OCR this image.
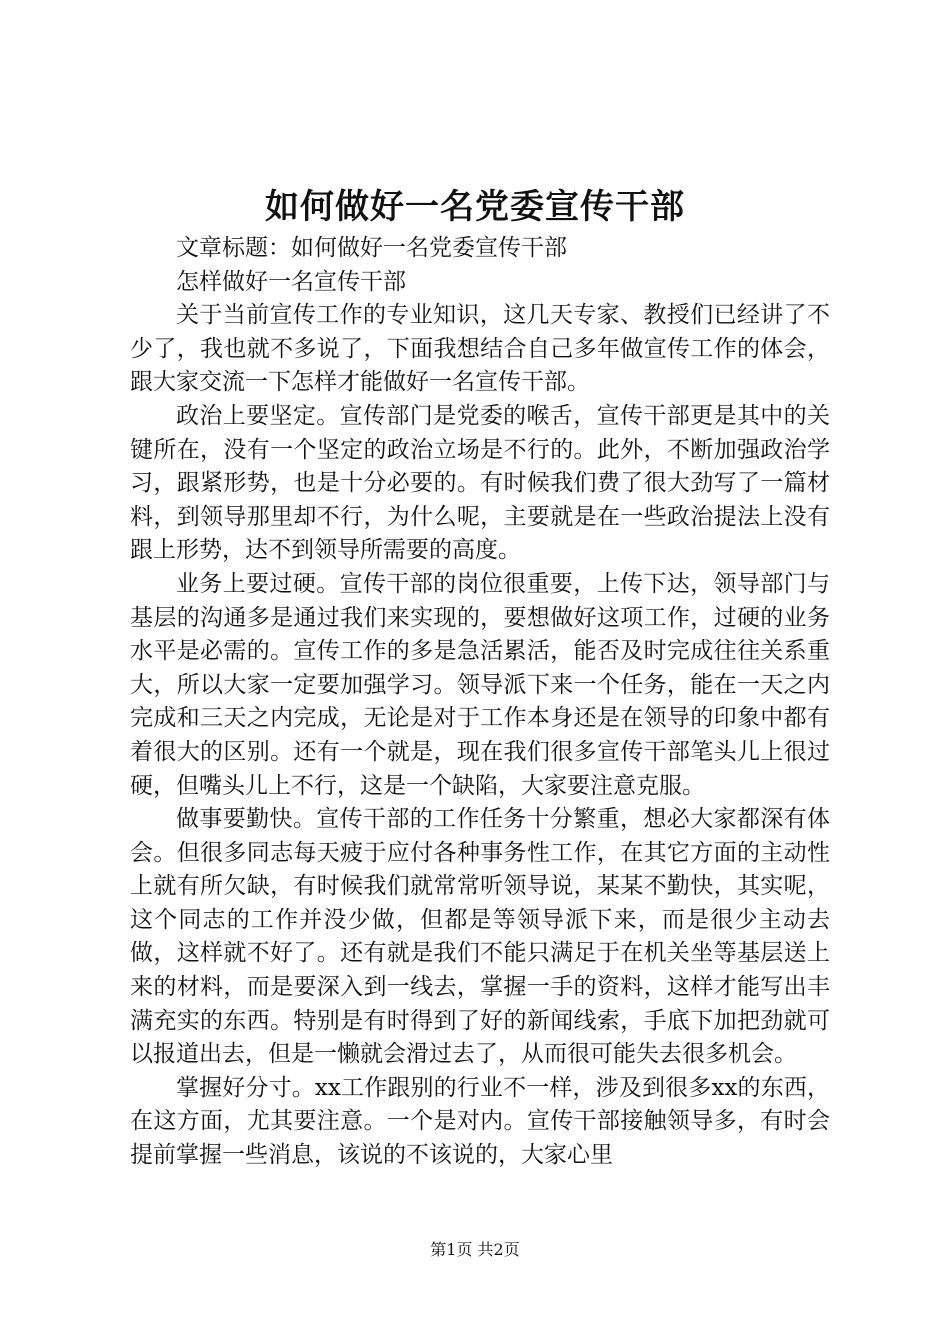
如何做好一名党委宣传干部

文章标题：如何做好一名党委宣传干部

怎样做好一名宣传干部

关于当前宣传工作的专业知识，这几天专家、教授们已经讲了不少了，我也就不多说了，下面我想结合自己多年做宣传工作的体会，跟大家交流一下怎样才能做好一名宣传干部。

政治上要坚定。宣传部门是党委的喉舌，宣传干部更是其中的关键所在，没有一个坚定的政治立场是不行的。此外，不断加强政治学习，跟紧形势，也是十分必要的。有时候我们费了很大劲写了一篇材料，到领导那里却不行，为什么呢，主要就是在一些政治提法上没有跟上形势，达不到领导所需要的高度。

业务上要过硬。宣传干部的岗位很重要，上传下达，领导部门与基层的沟通多是通过我们来实现的，要想做好这项工作，过硬的业务水平是必需的。宣传工作的多是急活累活，能否及时完成往往关系重大，所以大家一定要加强学习。领导派下来一个任务，能在一天之内完成和三天之内完成，无论是对于工作本身还是在领导的印象中都有着很大的区别。还有一个就是，现在我们很多宣传干部笔头儿上很过硬，但嘴头儿上不行，这是一个缺陷，大家要注意克服。

做事要勤快。宣传干部的工作任务十分繁重，想必大家都深有体会。但很多同志每天疲于应付各种事务性工作，在其它方面的主动性上就有所欠缺，有时候我们就常常听领导说，某某不勤快，其实呢，这个同志的工作并没少做，但都是等领导派下来，而是很少主动去做，这样就不好了。还有就是我们不能只满足于在机关坐等基层送上来的材料，而是要深入到一线去，掌握一手的资料，这样才能写出丰满充实的东西。特别是有时得到了好的新闻线索，手底下加把劲就可以报道出去，但是一懒就会滑过去了，从而很可能失去很多机会。

掌握好分寸。xx工作跟别的行业不一样，涉及到很多xx的东西，在这方面，尤其要注意。一个是对内。宣传干部接触领导多，有时会提前掌握一些消息，该说的不该说的，大家心里

第1页 共2页
